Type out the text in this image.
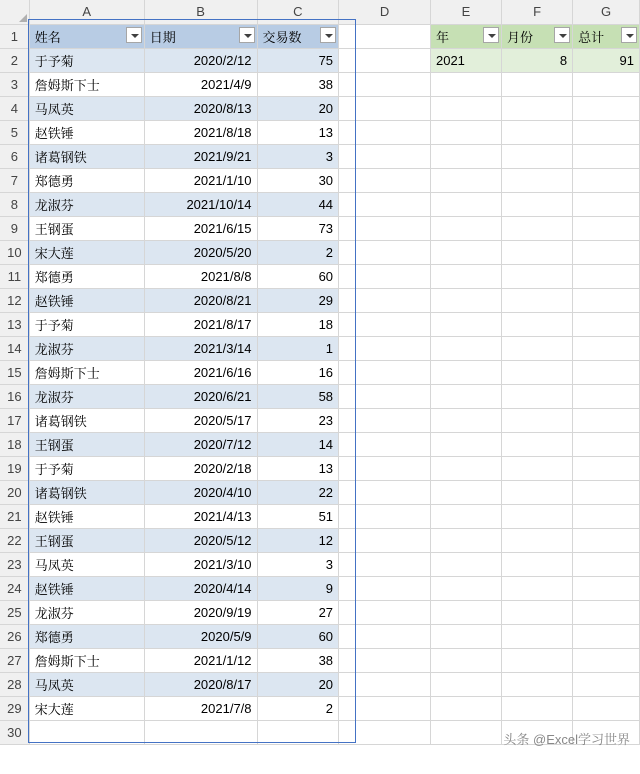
	A	B	C	D	E	F	G
1	姓名	日期	交易数		年	月份	总计

2	于予菊	2020/2/12	75		2021	8	91
3	詹姆斯下士	2021/4/9	38				
4	马凤英	2020/8/13	20				
5	赵铁锤	2021/8/18	13				
6	诸葛钢铁	2021/9/21	3				
7	郑德勇	2021/1/10	30				
8	龙淑芬	2021/10/14	44				
9	王钢蛋	2021/6/15	73				
10	宋大莲	2020/5/20	2				
11	郑德勇	2021/8/8	60				
12	赵铁锤	2020/8/21	29				
13	于予菊	2021/8/17	18				
14	龙淑芬	2021/3/14	1				
15	詹姆斯下士	2021/6/16	16				
16	龙淑芬	2020/6/21	58				
17	诸葛钢铁	2020/5/17	23				
18	王钢蛋	2020/7/12	14				
19	于予菊	2020/2/18	13				
20	诸葛钢铁	2020/4/10	22				
21	赵铁锤	2021/4/13	51				
22	王钢蛋	2020/5/12	12				
23	马凤英	2021/3/10	3				
24	赵铁锤	2020/4/14	9				
25	龙淑芬	2020/9/19	27				
26	郑德勇	2020/5/9	60				
27	詹姆斯下士	2021/1/12	38				
28	马凤英	2020/8/17	20				
29	宋大莲	2021/7/8	2				
30								头条 @Excel学习世界
